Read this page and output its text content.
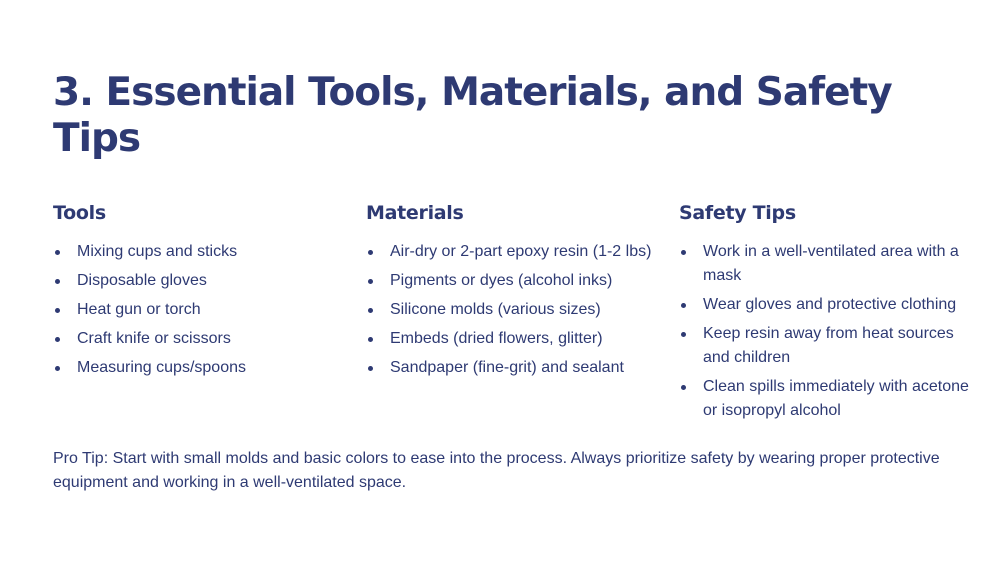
3. Essential Tools, Materials, and Safety Tips
Tools
Mixing cups and sticks
Disposable gloves
Heat gun or torch
Craft knife or scissors
Measuring cups/spoons
Materials
Air-dry or 2-part epoxy resin (1-2 lbs)
Pigments or dyes (alcohol inks)
Silicone molds (various sizes)
Embeds (dried flowers, glitter)
Sandpaper (fine-grit) and sealant
Safety Tips
Work in a well-ventilated area with a mask
Wear gloves and protective clothing
Keep resin away from heat sources and children
Clean spills immediately with acetone or isopropyl alcohol

Pro Tip: Start with small molds and basic colors to ease into the process. Always prioritize safety by wearing proper protective equipment and working in a well-ventilated space.
